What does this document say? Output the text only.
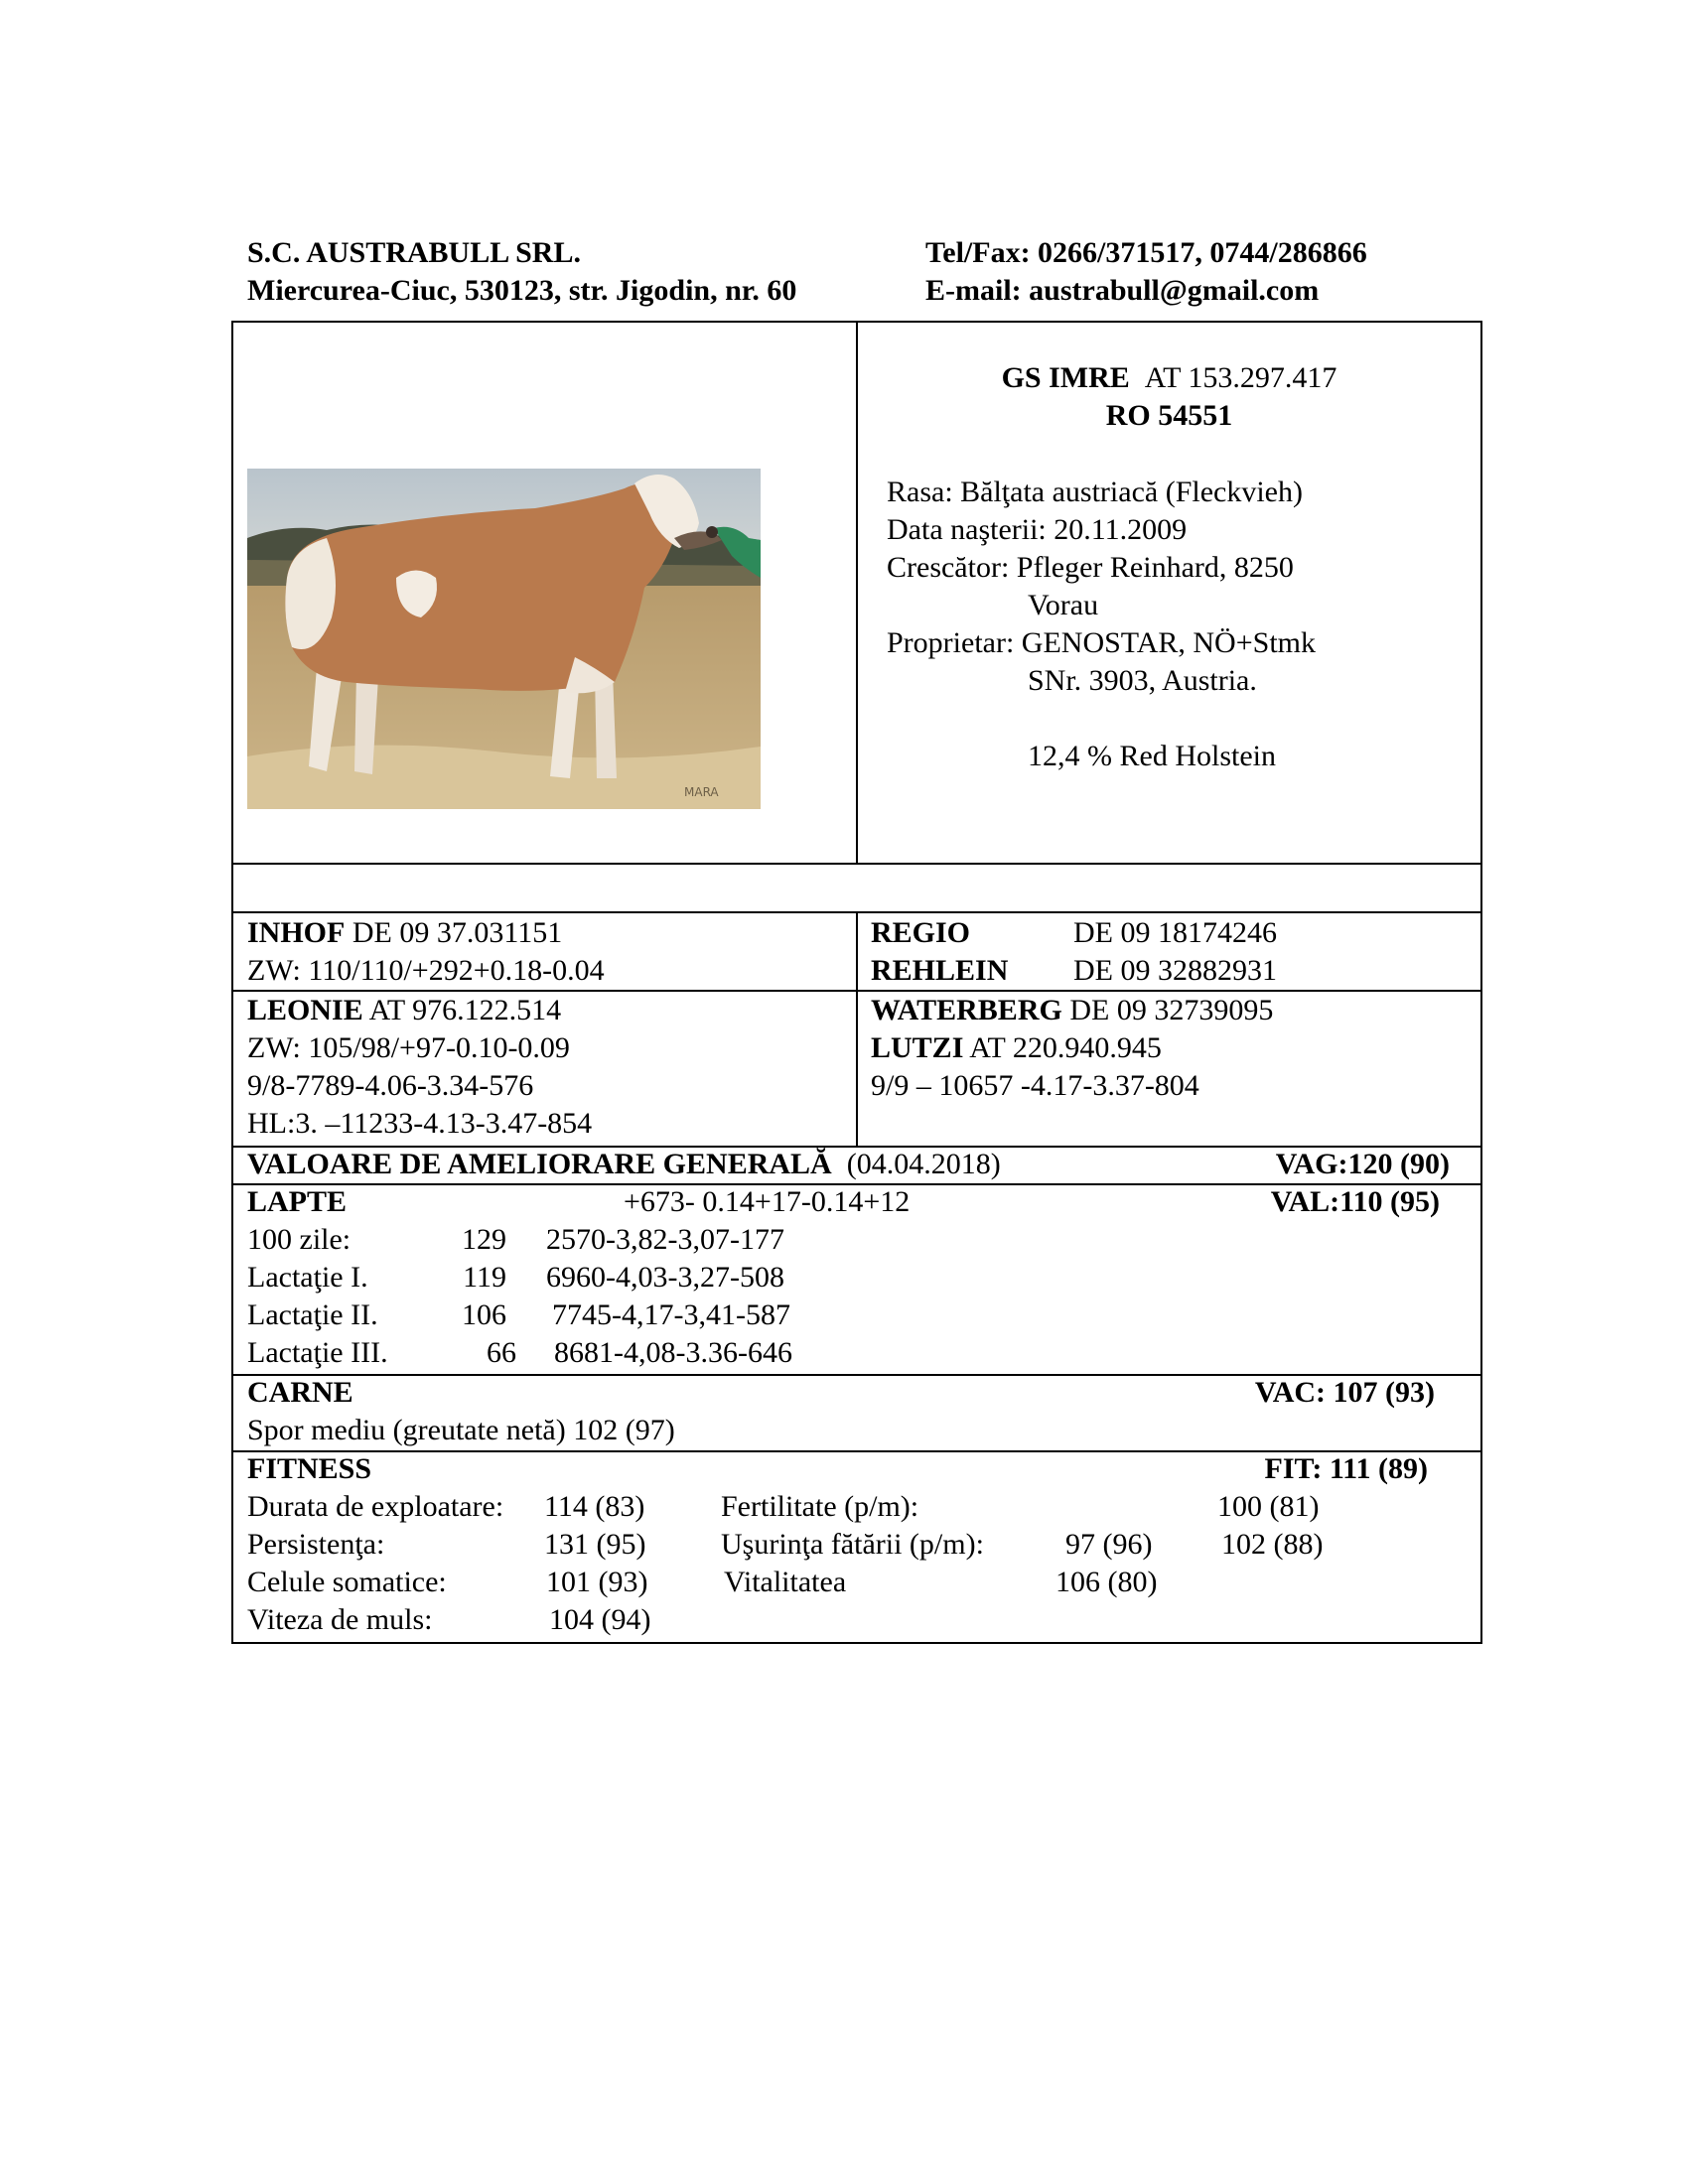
S.C. AUSTRABULL SRL.
Miercurea-Ciuc, 530123, str. Jigodin, nr. 60
Tel/Fax: 0266/371517, 0744/286866
E-mail: austrabull@gmail.com
MARA
GS IMRE AT 153.297.417
RO 54551
Rasa: Bălţata austriacă (Fleckvieh)
Data naşterii: 20.11.2009
Crescător: Pfleger Reinhard, 8250
Vorau
Proprietar: GENOSTAR, NÖ+Stmk
SNr. 3903, Austria.
12,4 % Red Holstein
INHOF DE 09 37.031151
ZW: 110/110/+292+0.18-0.04
REGIO	DE 09 18174246
REHLEIN DE 09 32882931
LEONIE AT 976.122.514
ZW: 105/98/+97-0.10-0.09
9/8-7789-4.06-3.34-576
HL:3. –11233-4.13-3.47-854
WATERBERG DE 09 32739095
LUTZI AT 220.940.945
9/9 – 10657 -4.17-3.37-804
VALOARE DE AMELIORARE GENERALĂ (04.04.2018)	VAG:120 (90)
LAPTE	+673- 0.14+17-0.14+12	VAL:110 (95)
100 zile:	129 2570-3,82-3,07-177
Lactaţie I.	119 6960-4,03-3,27-508
Lactaţie II.	106 7745-4,17-3,41-587
Lactaţie III.	66 8681-4,08-3.36-646
CARNE	VAC: 107 (93)
Spor mediu (greutate netă) 102 (97)
FITNESS	FIT: 111 (89)
Durata de exploatare: 114 (83)	Fertilitate (p/m):	100 (81)
Persistenţa:	131 (95)	Uşurinţa fătării (p/m):	97 (96) 102 (88)
Celule somatice:	101 (93)	Vitalitatea	106 (80)
Viteza de muls:	104 (94)
